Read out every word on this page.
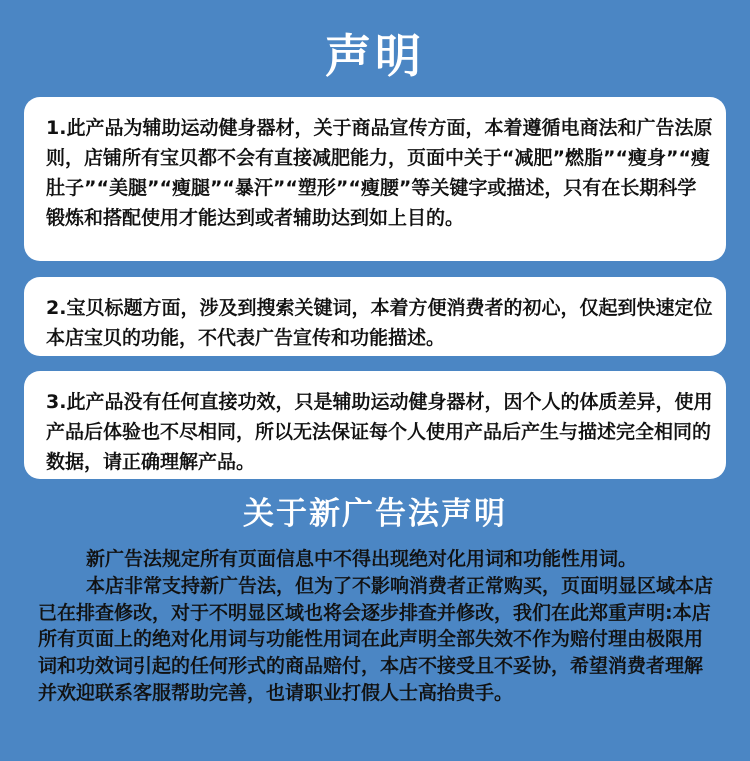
声明

1.此产品为辅助运动健身器材，关于商品宣传方面，本着遵循电商法和广告法原则，店铺所有宝贝都不会有直接减肥能力，页面中关于“减肥”燃脂”“瘦身”“瘦肚子”“美腿”“瘦腿”“暴汗”“塑形”“瘦腰”等关键字或描述，只有在长期科学锻炼和搭配使用才能达到或者辅助达到如上目的。

2.宝贝标题方面，涉及到搜索关键词，本着方便消费者的初心，仅起到快速定位本店宝贝的功能，不代表广告宣传和功能描述。

3.此产品没有任何直接功效，只是辅助运动健身器材，因个人的体质差异，使用产品后体验也不尽相同，所以无法保证每个人使用产品后产生与描述完全相同的数据，请正确理解产品。

关于新广告法声明

新广告法规定所有页面信息中不得出现绝对化用词和功能性用词。

本店非常支持新广告法，但为了不影响消费者正常购买，页面明显区域本店已在排查修改，对于不明显区域也将会逐步排查并修改，我们在此郑重声明:本店所有页面上的绝对化用词与功能性用词在此声明全部失效不作为赔付理由极限用词和功效词引起的任何形式的商品赔付，本店不接受且不妥协，希望消费者理解并欢迎联系客服帮助完善，也请职业打假人士高抬贵手。
